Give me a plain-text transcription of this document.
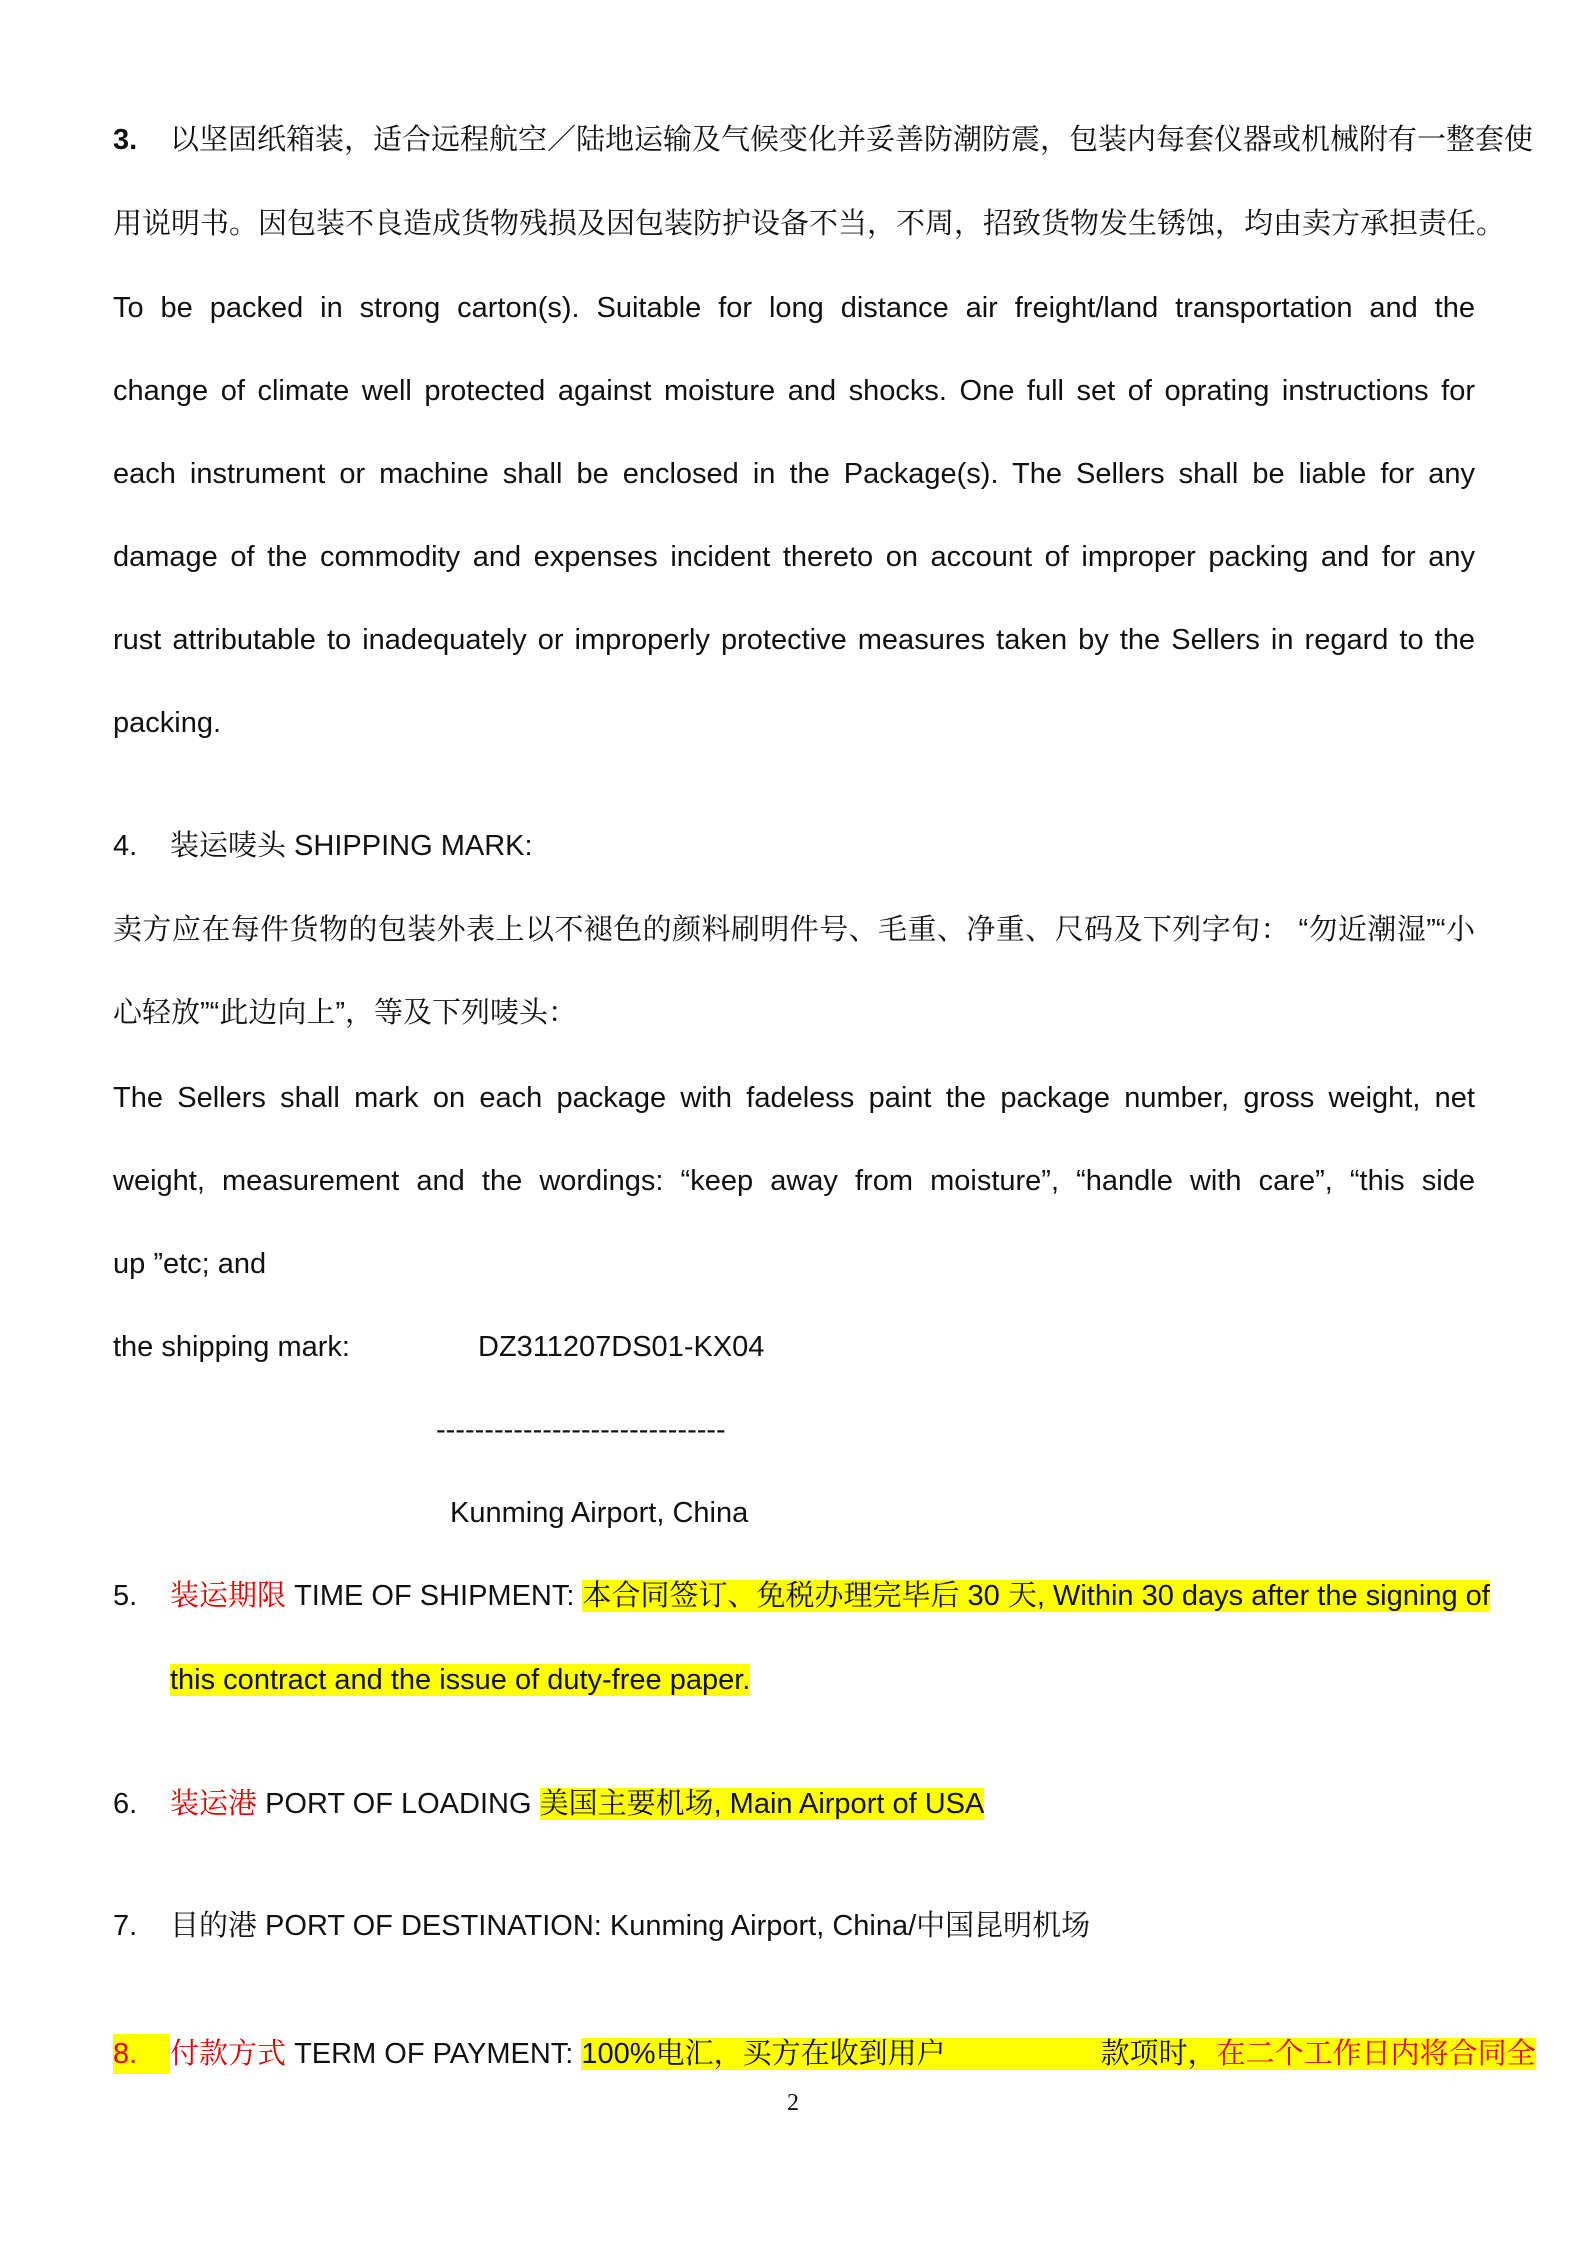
3. 以坚固纸箱装，适合远程航空／陆地运输及气候变化并妥善防潮防震，包装内每套仪器或机械附有一整套使
用说明书。因包装不良造成货物残损及因包装防护设备不当，不周，招致货物发生锈蚀，均由卖方承担责任。
To be packed in strong carton(s). Suitable for long distance air freight/land transportation and the
change of climate well protected against moisture and shocks. One full set of oprating instructions for
each instrument or machine shall be enclosed in the Package(s). The Sellers shall be liable for any
damage of the commodity and expenses incident thereto on account of improper packing and for any
rust attributable to inadequately or improperly protective measures taken by the Sellers in regard to the
packing.
4. 装运唛头 SHIPPING MARK:
卖方应在每件货物的包装外表上以不褪色的颜料刷明件号、毛重、净重、尺码及下列字句： “勿近潮湿”“小
心轻放”“此边向上”，等及下列唛头：
The Sellers shall mark on each package with fadeless paint the package number, gross weight, net
weight, measurement and the wordings: “keep away from moisture”, “handle with care”, “this side
up ”etc; and
the shipping mark:	DZ311207DS01-KX04
------------------------------
Kunming Airport, China
5. 装运期限 TIME OF SHIPMENT: 本合同签订、免税办理完毕后 30 天, Within 30 days after the signing of
this contract and the issue of duty-free paper.
6. 装运港 PORT OF LOADING 美国主要机场, Main Airport of USA
7. 目的港 PORT OF DESTINATION: Kunming Airport, China/中国昆明机场
8. 付款方式 TERM OF PAYMENT: 100%电汇，买方在收到用户	款项时，在二个工作日内将合同全
2
